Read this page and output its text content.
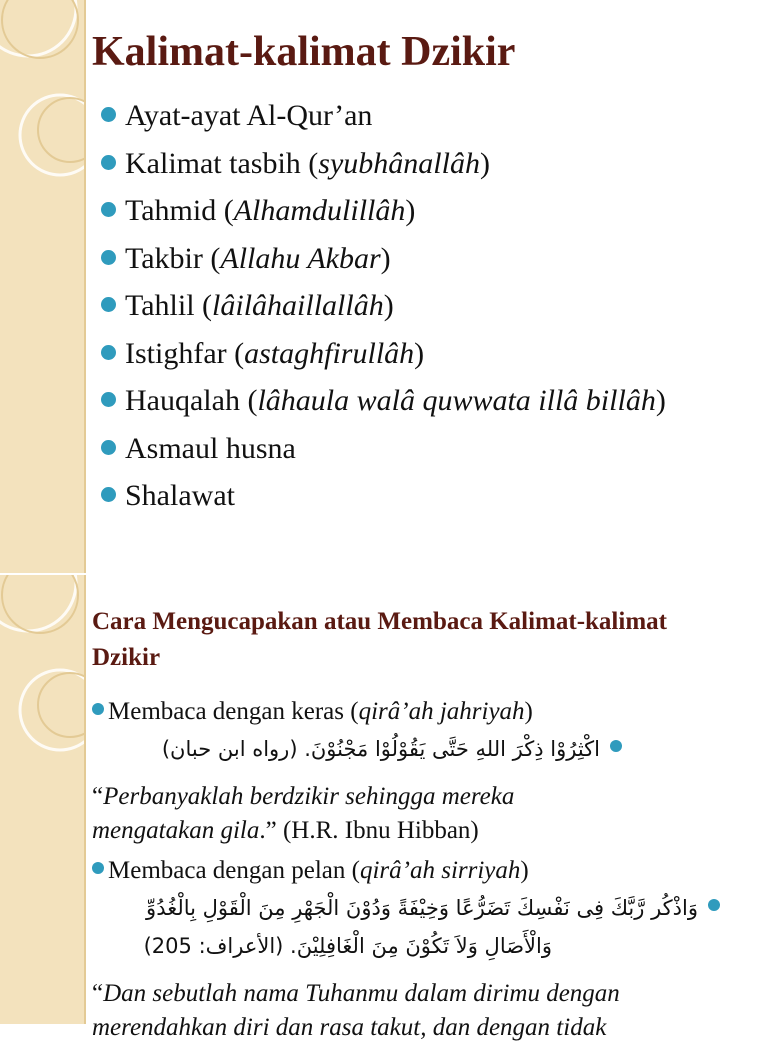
Kalimat-kalimat Dzikir
Ayat-ayat Al-Qur’an
Kalimat tasbih (syubhânallâh)
Tahmid (Alhamdulillâh)
Takbir (Allahu Akbar)
Tahlil (lâilâhaillallâh)
Istighfar (astaghfirullâh)
Hauqalah (lâhaula walâ quwwata illâ billâh)
Asmaul husna
Shalawat
Cara Mengucapakan atau Membaca Kalimat-kalimat Dzikir
Membaca dengan keras (qirâ’ah jahriyah)
اكْثِرُوْا ذِكْرَ اللهِ حَتَّى يَقُوْلُوْا مَجْنُوْنَ. (رواه ابن حبان)
“Perbanyaklah berdzikir sehingga mereka
mengatakan gila.” (H.R. Ibnu Hibban)
Membaca dengan pelan (qirâ’ah sirriyah)
وَاذْكُر رَّبَّكَ فِى نَفْسِكَ تَضَرُّعًا وَخِيْفَةً وَدُوْنَ الْجَهْرِ مِنَ الْقَوْلِ بِالْغُدُوِّ
وَالْأَصَالِ وَلاَ تَكُوْنَ مِنَ الْغَافِلِيْنَ. (الأعراف: 205)
“Dan sebutlah nama Tuhanmu dalam dirimu dengan
merendahkan diri dan rasa takut, dan dengan tidak
